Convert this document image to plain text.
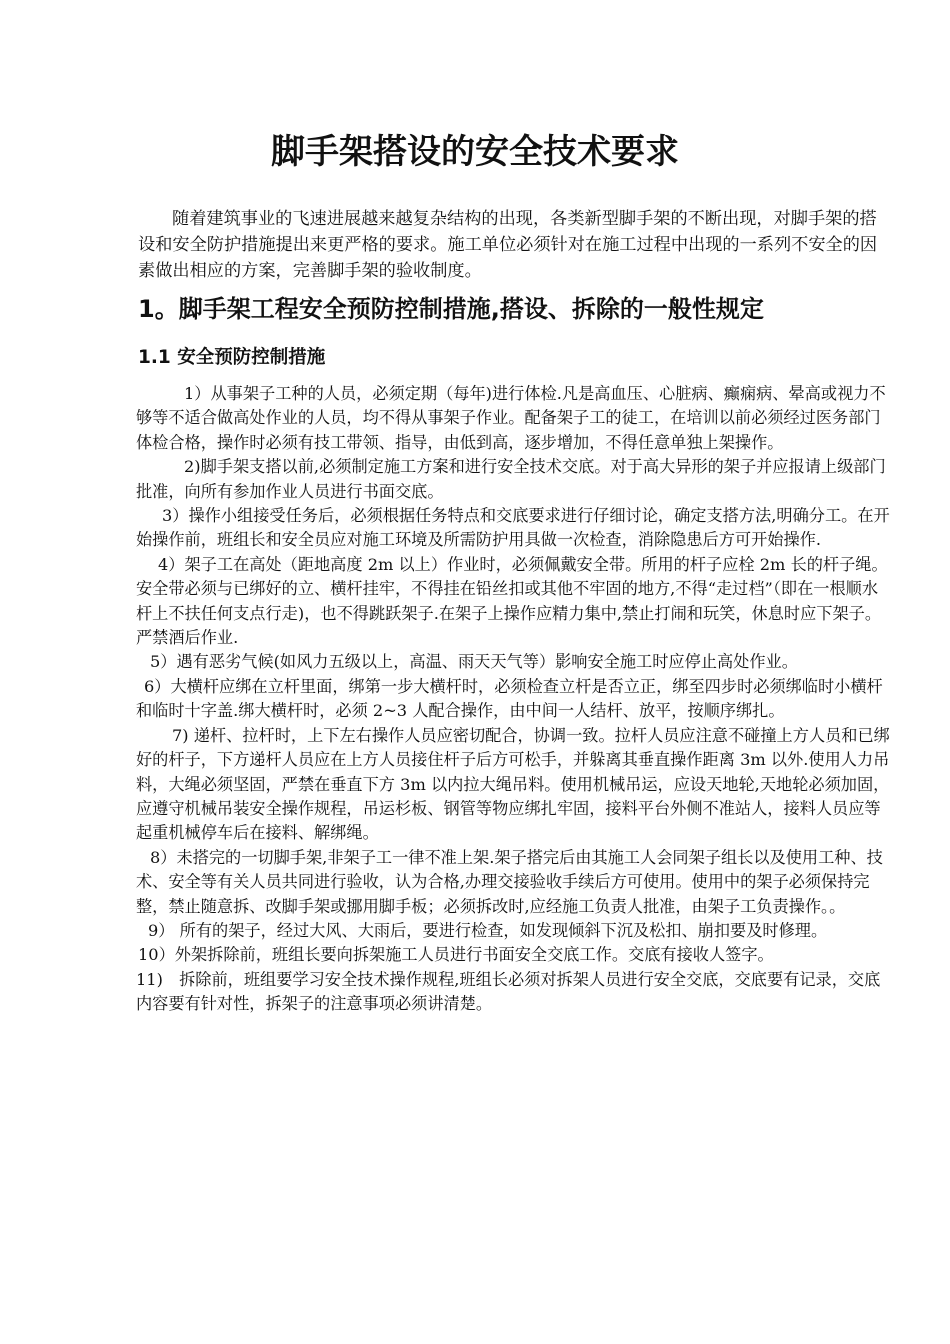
脚手架搭设的安全技术要求

随着建筑事业的飞速进展越来越复杂结构的出现，各类新型脚手架的不断出现，对脚手架的搭设和安全防护措施提出来更严格的要求。施工单位必须针对在施工过程中出现的一系列不安全的因素做出相应的方案，完善脚手架的验收制度。

1。脚手架工程安全预防控制措施,搭设、拆除的一般性规定
1.1 安全预防控制措施

1）从事架子工种的人员，必须定期（每年)进行体检.凡是高血压、心脏病、癫痫病、晕高或视力不够等不适合做高处作业的人员，均不得从事架子作业。配备架子工的徒工，在培训以前必须经过医务部门体检合格，操作时必须有技工带领、指导，由低到高，逐步增加，不得任意单独上架操作。

2)脚手架支搭以前,必须制定施工方案和进行安全技术交底。对于高大异形的架子并应报请上级部门批准，向所有参加作业人员进行书面交底。

3）操作小组接受任务后，必须根据任务特点和交底要求进行仔细讨论，确定支搭方法,明确分工。在开始操作前，班组长和安全员应对施工环境及所需防护用具做一次检查，消除隐患后方可开始操作.

4）架子工在高处（距地高度 2m 以上）作业时，必须佩戴安全带。所用的杆子应栓 2m 长的杆子绳。安全带必须与已绑好的立、横杆挂牢，不得挂在铅丝扣或其他不牢固的地方,不得“走过档”（即在一根顺水杆上不扶任何支点行走)，也不得跳跃架子.在架子上操作应精力集中,禁止打闹和玩笑，休息时应下架子。严禁酒后作业.

5）遇有恶劣气候(如风力五级以上，高温、雨天天气等）影响安全施工时应停止高处作业。

6）大横杆应绑在立杆里面，绑第一步大横杆时，必须检查立杆是否立正，绑至四步时必须绑临时小横杆和临时十字盖.绑大横杆时，必须 2~3 人配合操作，由中间一人结杆、放平，按顺序绑扎。

7) 递杆、拉杆时，上下左右操作人员应密切配合，协调一致。拉杆人员应注意不碰撞上方人员和已绑好的杆子，下方递杆人员应在上方人员接住杆子后方可松手，并躲离其垂直操作距离 3m 以外.使用人力吊料，大绳必须坚固，严禁在垂直下方 3m 以内拉大绳吊料。使用机械吊运，应设天地轮,天地轮必须加固，应遵守机械吊装安全操作规程，吊运杉板、钢管等物应绑扎牢固，接料平台外侧不准站人，接料人员应等起重机械停车后在接料、解绑绳。

8）未搭完的一切脚手架,非架子工一律不准上架.架子搭完后由其施工人会同架子组长以及使用工种、技术、安全等有关人员共同进行验收，认为合格,办理交接验收手续后方可使用。使用中的架子必须保持完整，禁止随意拆、改脚手架或挪用脚手板；必须拆改时,应经施工负责人批准，由架子工负责操作。。

9） 所有的架子，经过大风、大雨后，要进行检查，如发现倾斜下沉及松扣、崩扣要及时修理。

10）外架拆除前，班组长要向拆架施工人员进行书面安全交底工作。交底有接收人签字。

11)　拆除前，班组要学习安全技术操作规程,班组长必须对拆架人员进行安全交底，交底要有记录，交底内容要有针对性，拆架子的注意事项必须讲清楚。
